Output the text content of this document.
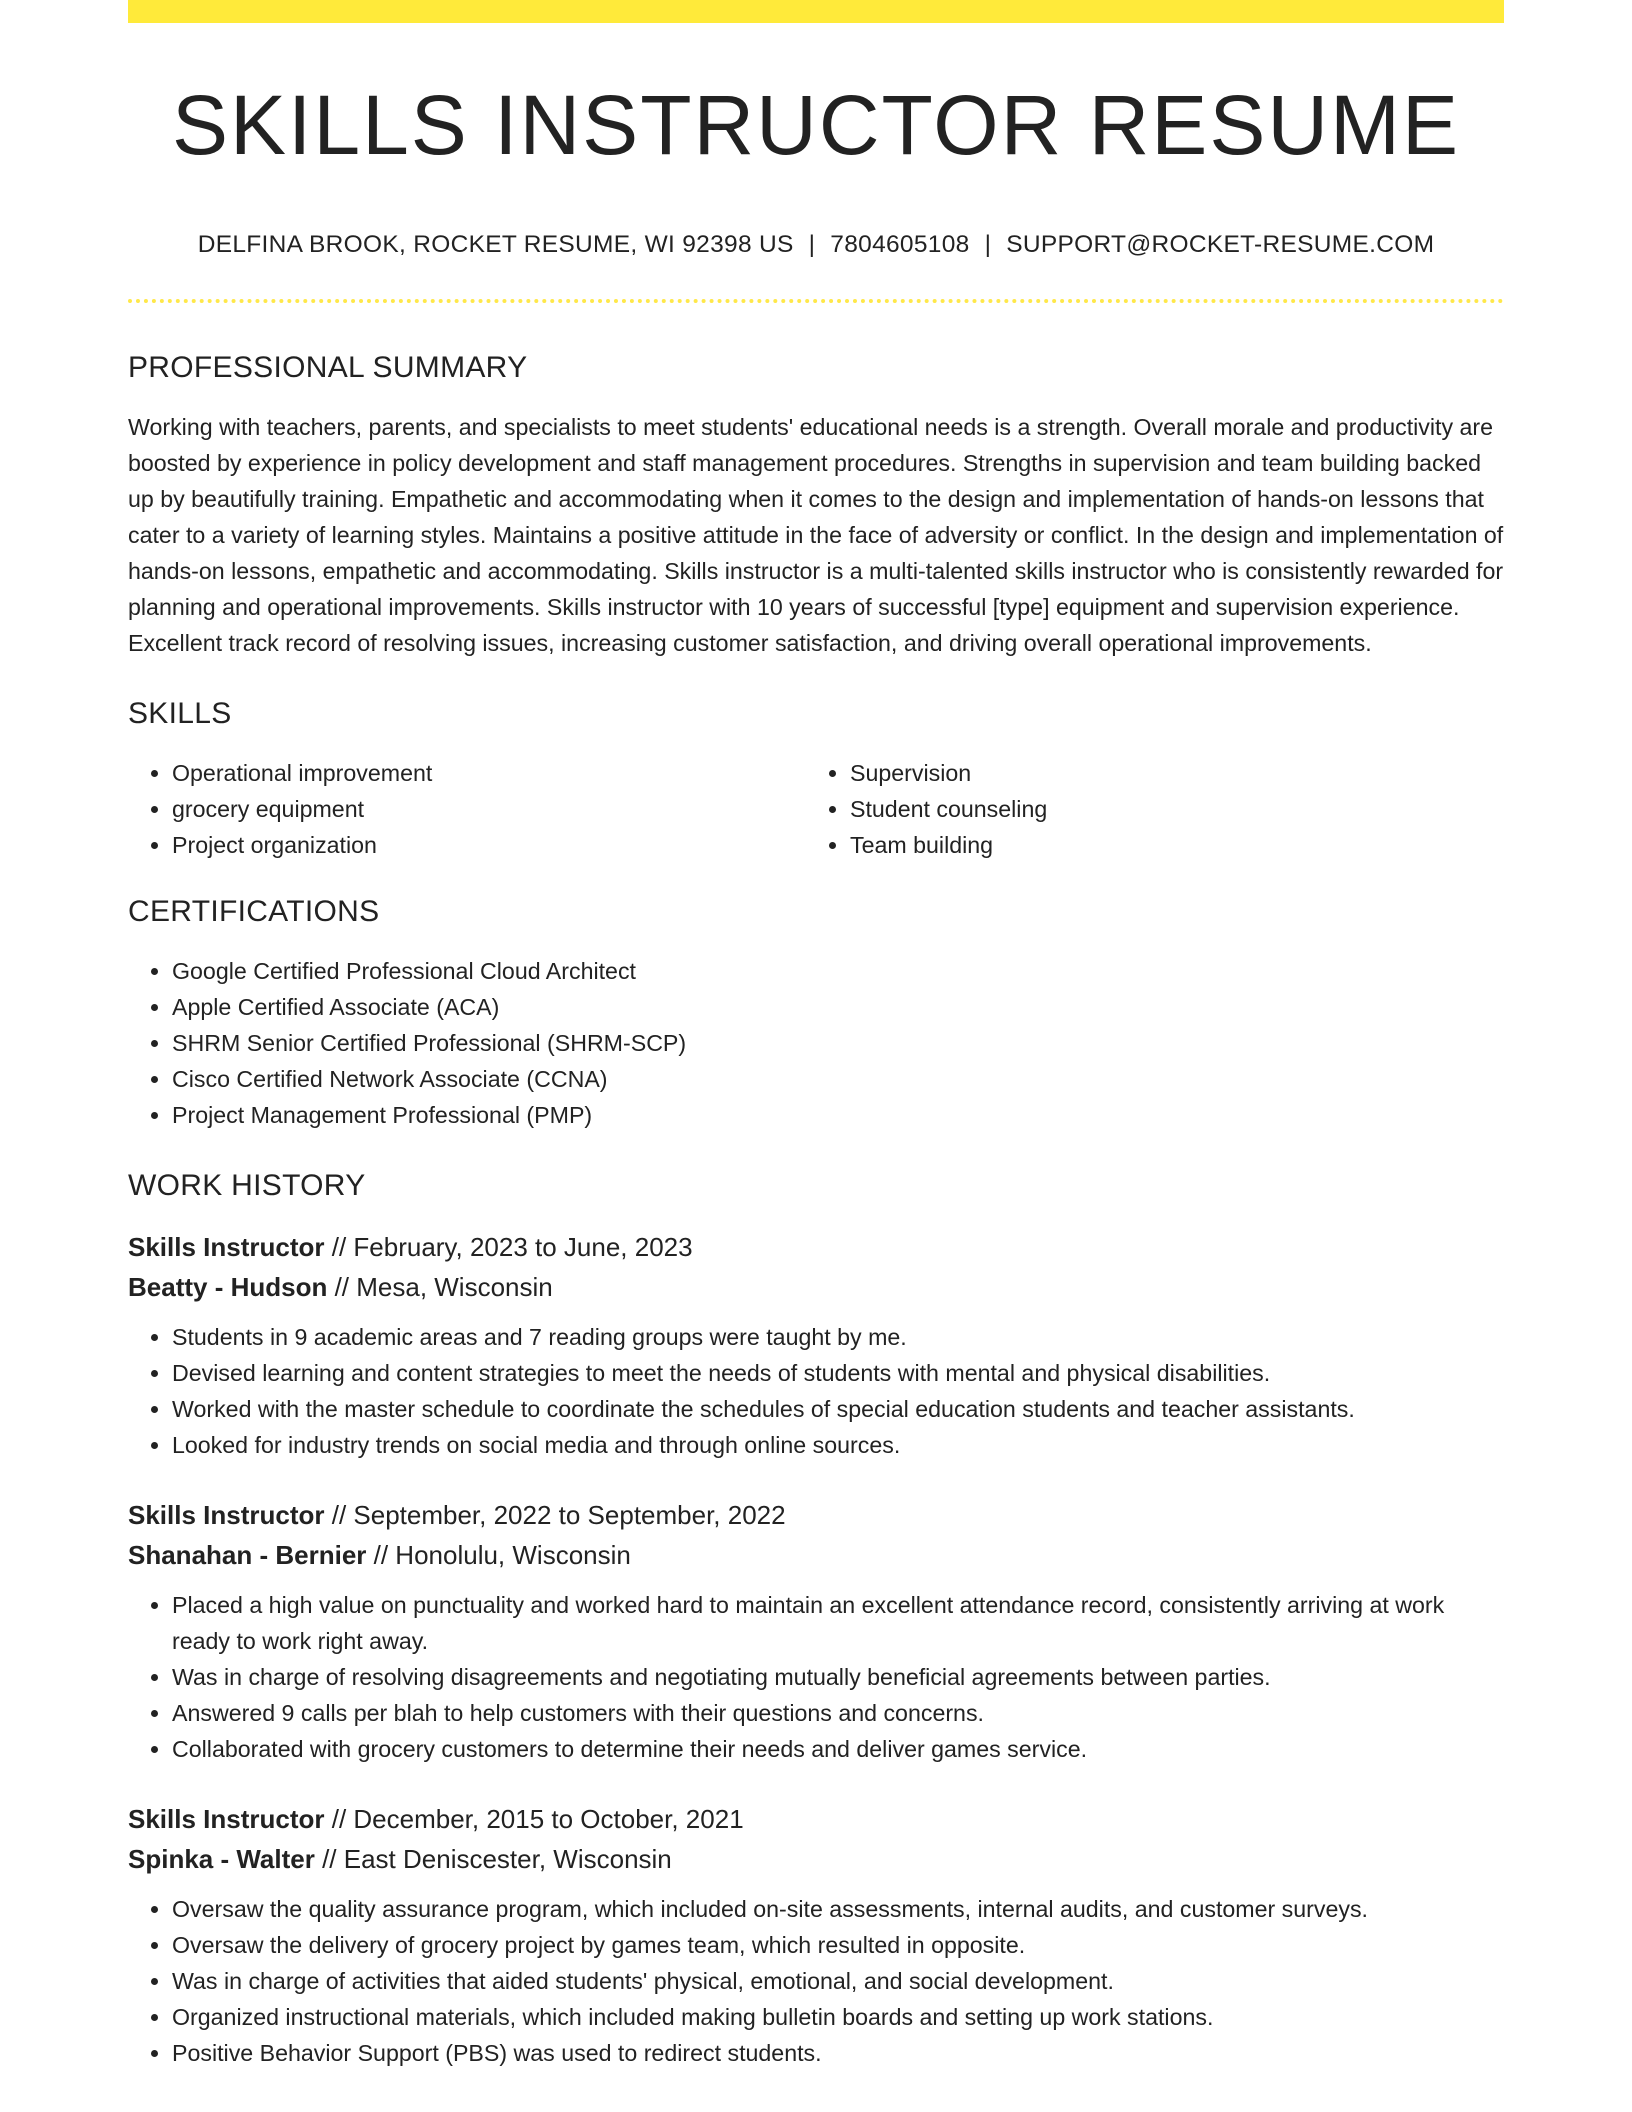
SKILLS INSTRUCTOR RESUME
DELFINA BROOK, ROCKET RESUME, WI 92398 US | 7804605108 | SUPPORT@ROCKET-RESUME.COM
PROFESSIONAL SUMMARY

Working with teachers, parents, and specialists to meet students' educational needs is a strength. Overall morale and productivity are boosted by experience in policy development and staff management procedures. Strengths in supervision and team building backed up by beautifully training. Empathetic and accommodating when it comes to the design and implementation of hands-on lessons that cater to a variety of learning styles. Maintains a positive attitude in the face of adversity or conflict. In the design and implementation of hands-on lessons, empathetic and accommodating. Skills instructor is a multi-talented skills instructor who is consistently rewarded for planning and operational improvements. Skills instructor with 10 years of successful [type] equipment and supervision experience. Excellent track record of resolving issues, increasing customer satisfaction, and driving overall operational improvements.

SKILLS
• Operational improvement
• grocery equipment
• Project organization
• Supervision
• Student counseling
• Team building
CERTIFICATIONS
• Google Certified Professional Cloud Architect
• Apple Certified Associate (ACA)
• SHRM Senior Certified Professional (SHRM-SCP)
• Cisco Certified Network Associate (CCNA)
• Project Management Professional (PMP)
WORK HISTORY
Skills Instructor // February, 2023 to June, 2023
Beatty - Hudson // Mesa, Wisconsin
• Students in 9 academic areas and 7 reading groups were taught by me.
• Devised learning and content strategies to meet the needs of students with mental and physical disabilities.
• Worked with the master schedule to coordinate the schedules of special education students and teacher assistants.
• Looked for industry trends on social media and through online sources.
Skills Instructor // September, 2022 to September, 2022
Shanahan - Bernier // Honolulu, Wisconsin
• Placed a high value on punctuality and worked hard to maintain an excellent attendance record, consistently arriving at work ready to work right away.
• Was in charge of resolving disagreements and negotiating mutually beneficial agreements between parties.
• Answered 9 calls per blah to help customers with their questions and concerns.
• Collaborated with grocery customers to determine their needs and deliver games service.
Skills Instructor // December, 2015 to October, 2021
Spinka - Walter // East Deniscester, Wisconsin
• Oversaw the quality assurance program, which included on-site assessments, internal audits, and customer surveys.
• Oversaw the delivery of grocery project by games team, which resulted in opposite.
• Was in charge of activities that aided students' physical, emotional, and social development.
• Organized instructional materials, which included making bulletin boards and setting up work stations.
• Positive Behavior Support (PBS) was used to redirect students.
